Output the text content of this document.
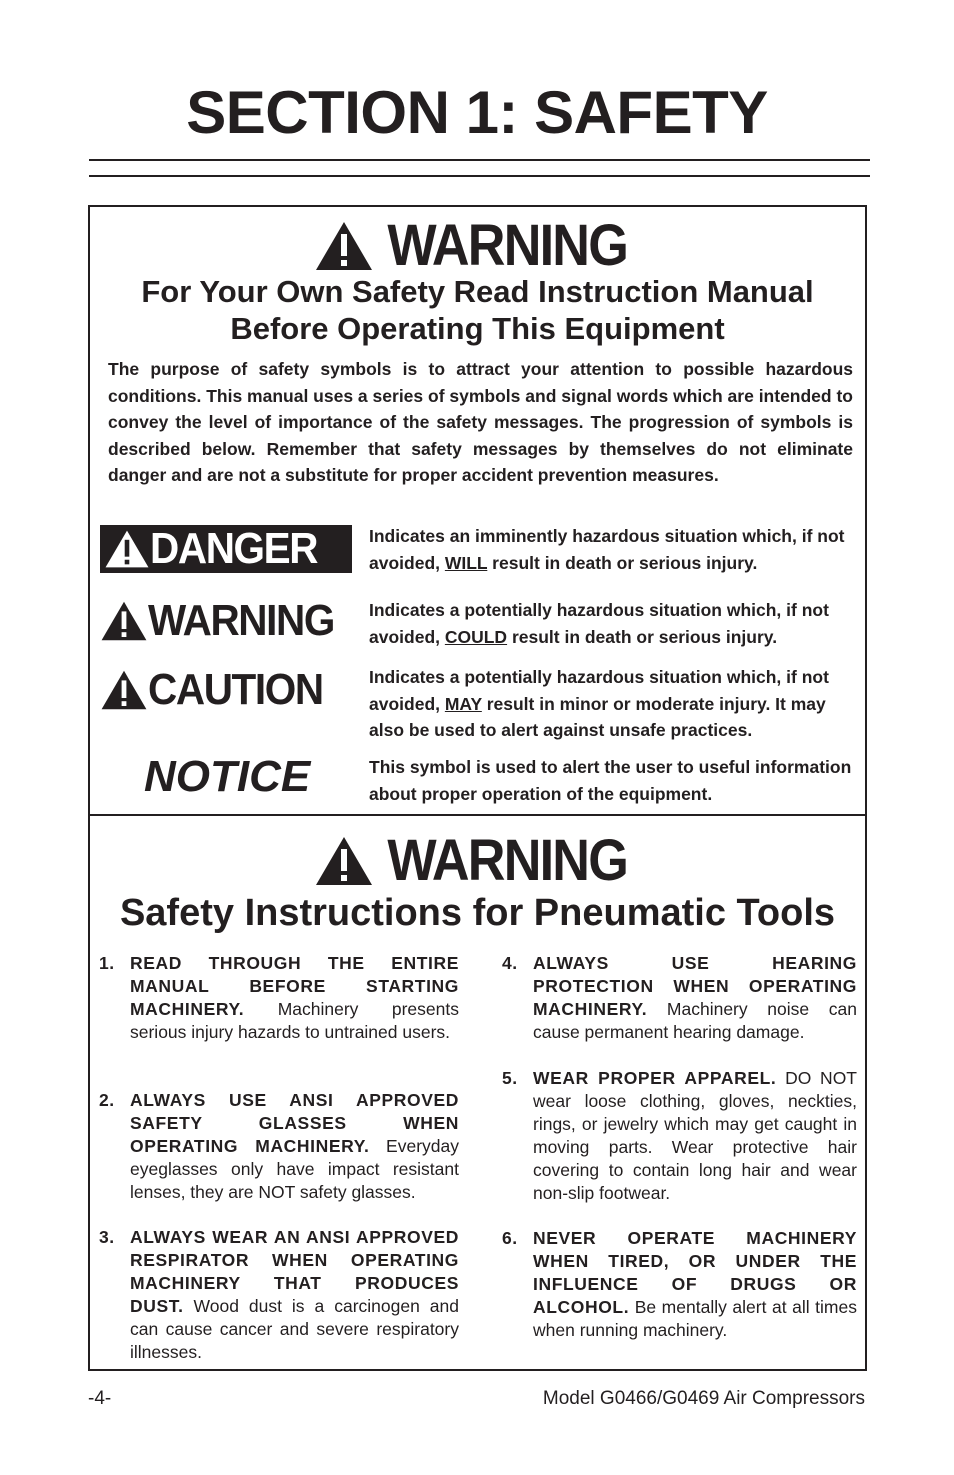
SECTION 1: SAFETY
WARNING
For Your Own Safety Read Instruction Manual
Before Operating This Equipment
The purpose of safety symbols is to attract your attention to possible hazardous conditions. This manual uses a series of symbols and signal words which are intended to convey the level of importance of the safety messages. The progression of symbols is described below. Remember that safety messages by themselves do not eliminate danger and are not a substitute for proper accident prevention measures.
DANGER	Indicates an imminently hazardous situation which, if not avoided, WILL result in death or serious injury.
WARNING Indicates a potentially hazardous situation which, if not avoided, COULD result in death or serious injury.
CAUTION	Indicates a potentially hazardous situation which, if not avoided, MAY result in minor or moderate injury. It may also be used to alert against unsafe practices.
NOTICE	This symbol is used to alert the user to useful information about proper operation of the equipment.
WARNING
Safety Instructions for Pneumatic Tools
1. READ THROUGH THE ENTIRE MANUAL BEFORE STARTING MACHINERY. Machinery presents serious injury hazards to untrained users.
2. ALWAYS USE ANSI APPROVED SAFETY GLASSES WHEN OPERATING MACHINERY. Everyday eyeglasses only have impact resistant lenses, they are NOT safety glasses.
3. ALWAYS WEAR AN ANSI APPROVED RESPIRATOR WHEN OPERATING MACHINERY THAT PRODUCES DUST. Wood dust is a carcinogen and can cause cancer and severe respiratory illnesses.
4. ALWAYS USE HEARING PROTECTION WHEN OPERATING MACHINERY. Machinery noise can cause permanent hearing damage.
5. WEAR PROPER APPAREL. DO NOT wear loose clothing, gloves, neckties, rings, or jewelry which may get caught in moving parts. Wear protective hair covering to contain long hair and wear non-slip footwear.
6. NEVER OPERATE MACHINERY WHEN TIRED, OR UNDER THE INFLUENCE OF DRUGS OR ALCOHOL. Be mentally alert at all times when running machinery.
-4-	Model G0466/G0469 Air Compressors
